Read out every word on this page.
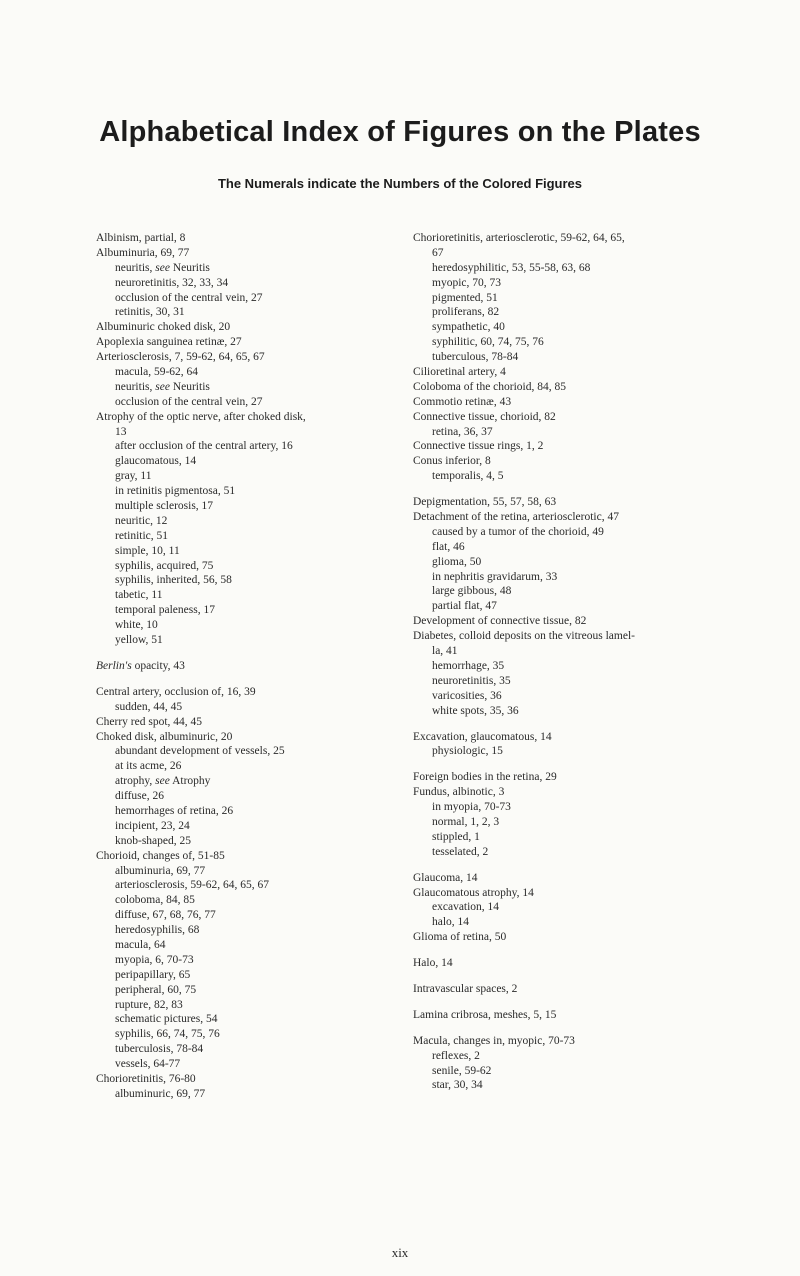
Alphabetical Index of Figures on the Plates
The Numerals indicate the Numbers of the Colored Figures
Albinism, partial, 8
Albuminuria, 69, 77
neuritis, see Neuritis
neuroretinitis, 32, 33, 34
occlusion of the central vein, 27
retinitis, 30, 31
Albuminuric choked disk, 20
Apoplexia sanguinea retinæ, 27
Arteriosclerosis, 7, 59-62, 64, 65, 67
macula, 59-62, 64
neuritis, see Neuritis
occlusion of the central vein, 27
Atrophy of the optic nerve, after choked disk,
13
after occlusion of the central artery, 16
glaucomatous, 14
gray, 11
in retinitis pigmentosa, 51
multiple sclerosis, 17
neuritic, 12
retinitic, 51
simple, 10, 11
syphilis, acquired, 75
syphilis, inherited, 56, 58
tabetic, 11
temporal paleness, 17
white, 10
yellow, 51
Berlin's opacity, 43
Central artery, occlusion of, 16, 39
sudden, 44, 45
Cherry red spot, 44, 45
Choked disk, albuminuric, 20
abundant development of vessels, 25
at its acme, 26
atrophy, see Atrophy
diffuse, 26
hemorrhages of retina, 26
incipient, 23, 24
knob-shaped, 25
Chorioid, changes of, 51-85
albuminuria, 69, 77
arteriosclerosis, 59-62, 64, 65, 67
coloboma, 84, 85
diffuse, 67, 68, 76, 77
heredosyphilis, 68
macula, 64
myopia, 6, 70-73
peripapillary, 65
peripheral, 60, 75
rupture, 82, 83
schematic pictures, 54
syphilis, 66, 74, 75, 76
tuberculosis, 78-84
vessels, 64-77
Chorioretinitis, 76-80
albuminuric, 69, 77
Chorioretinitis, arteriosclerotic, 59-62, 64, 65,
67
heredosyphilitic, 53, 55-58, 63, 68
myopic, 70, 73
pigmented, 51
proliferans, 82
sympathetic, 40
syphilitic, 60, 74, 75, 76
tuberculous, 78-84
Cilioretinal artery, 4
Coloboma of the chorioid, 84, 85
Commotio retinæ, 43
Connective tissue, chorioid, 82
retina, 36, 37
Connective tissue rings, 1, 2
Conus inferior, 8
temporalis, 4, 5
Depigmentation, 55, 57, 58, 63
Detachment of the retina, arteriosclerotic, 47
caused by a tumor of the chorioid, 49
flat, 46
glioma, 50
in nephritis gravidarum, 33
large gibbous, 48
partial flat, 47
Development of connective tissue, 82
Diabetes, colloid deposits on the vitreous lamel-
la, 41
hemorrhage, 35
neuroretinitis, 35
varicosities, 36
white spots, 35, 36
Excavation, glaucomatous, 14
physiologic, 15
Foreign bodies in the retina, 29
Fundus, albinotic, 3
in myopia, 70-73
normal, 1, 2, 3
stippled, 1
tesselated, 2
Glaucoma, 14
Glaucomatous atrophy, 14
excavation, 14
halo, 14
Glioma of retina, 50
Halo, 14
Intravascular spaces, 2
Lamina cribrosa, meshes, 5, 15
Macula, changes in, myopic, 70-73
reflexes, 2
senile, 59-62
star, 30, 34
xix
